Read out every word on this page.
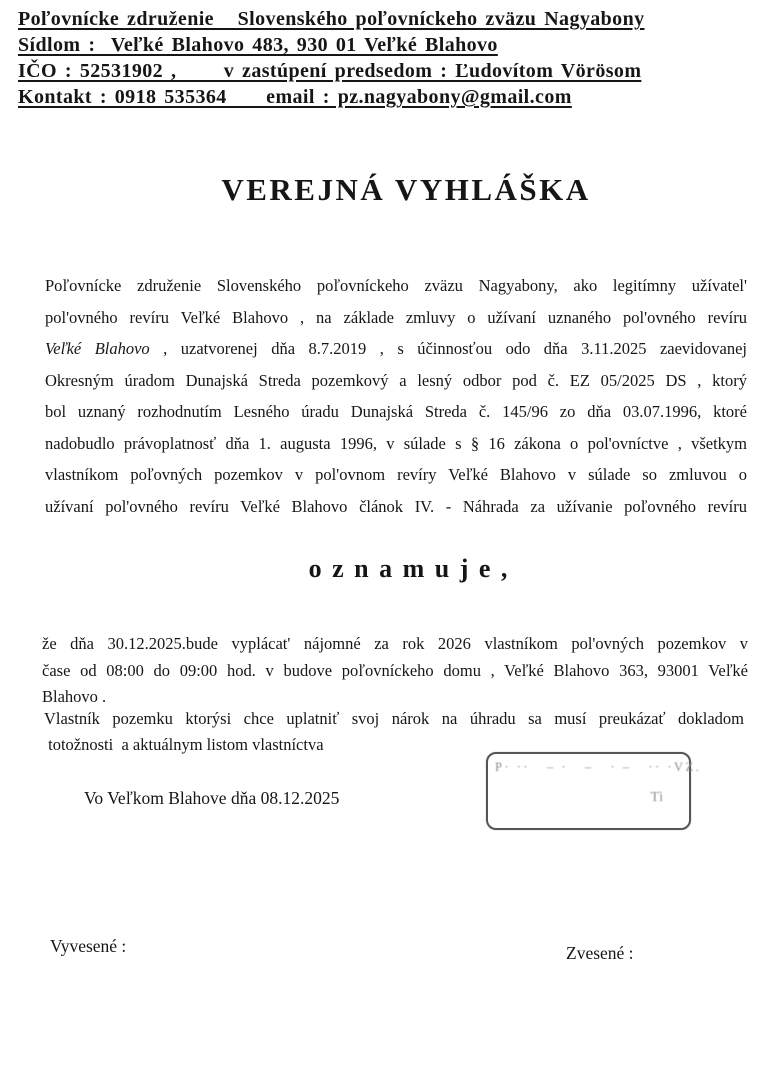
Poľovnícke združenie   Slovenského poľovníckeho zväzu Nagyabony
Sídlom :  Veľké Blahovo 483, 930 01 Veľké Blahovo
IČO : 52531902 ,      v zastúpení predsedom : Ľudovítom Vörösom
Kontakt : 0918 535364     email : pz.nagyabony@gmail.com
VEREJNÁ VYHLÁŠKA
Poľovnícke združenie Slovenského poľovníckeho zväzu Nagyabony, ako legitímny užívatel'
pol'ovného revíru Veľké Blahovo , na základe zmluvy o užívaní uznaného pol'ovného revíru
Veľké Blahovo , uzatvorenej dňa 8.7.2019 , s účinnosťou odo dňa 3.11.2025 zaevidovanej
Okresným úradom Dunajská Streda pozemkový a lesný odbor pod č. EZ 05/2025 DS , ktorý
bol uznaný rozhodnutím Lesného úradu Dunajská Streda č. 145/96 zo dňa 03.07.1996, ktoré
nadobudlo právoplatnosť dňa 1. augusta 1996, v súlade s § 16 zákona o pol'ovníctve , všetkym
vlastníkom poľovných pozemkov v pol'ovnom revíry Veľké Blahovo v súlade so zmluvou o
užívaní pol'ovného revíru Veľké Blahovo článok IV. - Náhrada za užívanie poľovného revíru
o z n a m u j e ,
že dňa 30.12.2025.bude vyplácat' nájomné za rok 2026 vlastníkom pol'ovných pozemkov v
čase od 08:00 do 09:00 hod. v budove poľovníckeho domu , Veľké Blahovo 363, 93001 Veľké
Blahovo .
Vlastník pozemku ktorýsi chce uplatniť svoj nárok na úhradu sa musí preukázať dokladom
totožnosti  a aktuálnym listom vlastníctva
Vo Veľkom Blahove dňa 08.12.2025
P· ··   – ·   –   · –   ·· ·VZ.
Tì
Vyvesené :	Zvesené :
